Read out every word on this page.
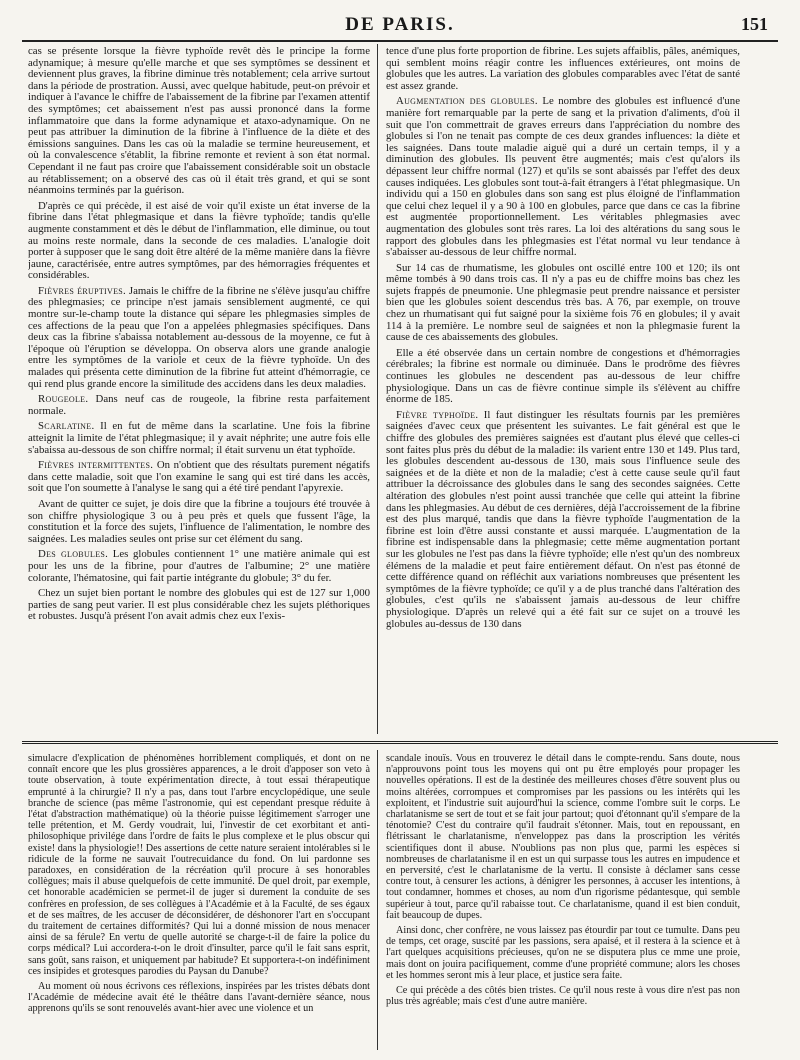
DE PARIS.	151

cas se présente lorsque la fièvre typhoïde revêt dès le principe la forme adynamique; à mesure qu'elle marche et que ses symptômes se dessinent et deviennent plus graves, la fibrine diminue très notablement; cela arrive surtout dans la période de prostration. Aussi, avec quelque habitude, peut-on prévoir et indiquer à l'avance le chiffre de l'abaissement de la fibrine par l'examen attentif des symptômes; cet abaissement n'est pas aussi prononcé dans la forme inflammatoire que dans la forme adynamique et ataxo-adynamique. On ne peut pas attribuer la diminution de la fibrine à l'influence de la diète et des émissions sanguines. Dans les cas où la maladie se termine heureusement, et où la convalescence s'établit, la fibrine remonte et revient à son état normal. Cependant il ne faut pas croire que l'abaissement considérable soit un obstacle au rétablissement; on a observé des cas où il était très grand, et qui se sont néanmoins terminés par la guérison.

D'après ce qui précède, il est aisé de voir qu'il existe un état inverse de la fibrine dans l'état phlegmasique et dans la fièvre typhoïde; tandis qu'elle augmente constamment et dès le début de l'inflammation, elle diminue, ou tout au moins reste normale, dans la seconde de ces maladies. L'analogie doit porter à supposer que le sang doit être altéré de la même manière dans la fièvre jaune, caractérisée, entre autres symptômes, par des hémorragies fréquentes et considérables.

Fièvres éruptives. Jamais le chiffre de la fibrine ne s'élève jusqu'au chiffre des phlegmasies; ce principe n'est jamais sensiblement augmenté, ce qui montre sur-le-champ toute la distance qui sépare les phlegmasies simples de ces affections de la peau que l'on a appelées phlegmasies spécifiques. Dans deux cas la fibrine s'abaissa notablement au-dessous de la moyenne, ce fut à l'époque où l'éruption se développa. On observa alors une grande analogie entre les symptômes de la variole et ceux de la fièvre typhoïde. Un des malades qui présenta cette diminution de la fibrine fut atteint d'hémorragie, ce qui rend plus grande encore la similitude des accidens dans les deux maladies.

Rougeole. Dans neuf cas de rougeole, la fibrine resta parfaitement normale.

Scarlatine. Il en fut de même dans la scarlatine. Une fois la fibrine atteignit la limite de l'état phlegmasique; il y avait néphrite; une autre fois elle s'abaissa au-dessous de son chiffre normal; il était survenu un état typhoïde.

Fièvres intermittentes. On n'obtient que des résultats purement négatifs dans cette maladie, soit que l'on examine le sang qui est tiré dans les accès, soit que l'on soumette à l'analyse le sang qui a été tiré pendant l'apyrexie.

Avant de quitter ce sujet, je dois dire que la fibrine a toujours été trouvée à son chiffre physiologique 3 ou à peu près et quels que fussent l'âge, la constitution et la force des sujets, l'influence de l'alimentation, le nombre des saignées. Les maladies seules ont prise sur cet élément du sang.

Des globules. Les globules contiennent 1° une matière animale qui est pour les uns de la fibrine, pour d'autres de l'albumine; 2° une matière colorante, l'hématosine, qui fait partie intégrante du globule; 3° du fer.

Chez un sujet bien portant le nombre des globules qui est de 127 sur 1,000 parties de sang peut varier. Il est plus considérable chez les sujets pléthoriques et robustes. Jusqu'à présent l'on avait admis chez eux l'exis-

tence d'une plus forte proportion de fibrine. Les sujets affaiblis, pâles, anémiques, qui semblent moins réagir contre les influences extérieures, ont moins de globules que les autres. La variation des globules comparables avec l'état de santé est assez grande.

Augmentation des globules. Le nombre des globules est influencé d'une manière fort remarquable par la perte de sang et la privation d'aliments, d'où il suit que l'on commettrait de graves erreurs dans l'appréciation du nombre des globules si l'on ne tenait pas compte de ces deux grandes influences: la diète et les saignées. Dans toute maladie aiguë qui a duré un certain temps, il y a diminution des globules. Ils peuvent être augmentés; mais c'est qu'alors ils dépassent leur chiffre normal (127) et qu'ils se sont abaissés par l'effet des deux causes indiquées. Les globules sont tout-à-fait étrangers à l'état phlegmasique. Un individu qui a 150 en globules dans son sang est plus éloigné de l'inflammation que celui chez lequel il y a 90 à 100 en globules, parce que dans ce cas la fibrine est augmentée proportionnellement. Les véritables phlegmasies avec augmentation des globules sont très rares. La loi des altérations du sang sous le rapport des globules dans les phlegmasies est l'état normal vu leur tendance à s'abaisser au-dessous de leur chiffre normal.

Sur 14 cas de rhumatisme, les globules ont oscillé entre 100 et 120; ils ont même tombés à 90 dans trois cas. Il n'y a pas eu de chiffre moins bas chez les sujets frappés de pneumonie. Une phlegmasie peut prendre naissance et persister bien que les globules soient descendus très bas. A 76, par exemple, on trouve chez un rhumatisant qui fut saigné pour la sixième fois 76 en globules; il y avait 114 à la première. Le nombre seul de saignées et non la phlegmasie furent la cause de ces abaissements des globules.

Elle a été observée dans un certain nombre de congestions et d'hémorragies cérébrales; la fibrine est normale ou diminuée. Dans le prodrôme des fièvres continues les globules ne descendent pas au-dessous de leur chiffre physiologique. Dans un cas de fièvre continue simple ils s'élèvent au chiffre énorme de 185.

Fièvre typhoïde. Il faut distinguer les résultats fournis par les premières saignées d'avec ceux que présentent les suivantes. Le fait général est que le chiffre des globules des premières saignées est d'autant plus élevé que celles-ci sont faites plus près du début de la maladie: ils varient entre 130 et 149. Plus tard, les globules descendent au-dessous de 130, mais sous l'influence seule des saignées et de la diète et non de la maladie; c'est à cette cause seule qu'il faut attribuer la décroissance des globules dans le sang des secondes saignées. Cette altération des globules n'est point aussi tranchée que celle qui atteint la fibrine dans les phlegmasies. Au début de ces dernières, déjà l'accroissement de la fibrine est des plus marqué, tandis que dans la fièvre typhoïde l'augmentation de la fibrine est loin d'être aussi constante et aussi marquée. L'augmentation de la fibrine est indispensable dans la phlegmasie; cette même augmentation portant sur les globules ne l'est pas dans la fièvre typhoïde; elle n'est qu'un des nombreux élémens de la maladie et peut faire entièrement défaut. On n'est pas étonné de cette différence quand on réfléchit aux variations nombreuses que présentent les symptômes de la fièvre typhoïde; ce qu'il y a de plus tranché dans l'altération des globules, c'est qu'ils ne s'abaissent jamais au-dessous de leur chiffre physiologique. D'après un relevé qui a été fait sur ce sujet on a trouvé les globules au-dessus de 130 dans

simulacre d'explication de phénomènes horriblement compliqués, et dont on ne connaît encore que les plus grossières apparences, a le droit d'apposer son veto à toute observation, à toute expérimentation directe, à tout essai thérapeutique emprunté à la chirurgie? Il n'y a pas, dans tout l'arbre encyclopédique, une seule branche de science (pas même l'astronomie, qui est cependant presque réduite à l'état d'abstraction mathématique) où la théorie puisse légitimement s'arroger une telle prétention, et M. Gerdy voudrait, lui, l'investir de cet exorbitant et anti-philosophique privilége dans l'ordre de faits le plus complexe et le plus obscur qui existe! dans la physiologie!! Des assertions de cette nature seraient intolérables si le ridicule de la forme ne sauvait l'outrecuidance du fond. On lui pardonne ses paradoxes, en considération de la récréation qu'il procure à ses honorables collègues; mais il abuse quelquefois de cette immunité. De quel droit, par exemple, cet honorable académicien se permet-il de juger si durement la conduite de ses confrères en profession, de ses collègues à l'Académie et à la Faculté, de ses égaux et de ses maîtres, de les accuser de déconsidérer, de déshonorer l'art en s'occupant du traitement de certaines difformités? Qui lui a donné mission de nous menacer ainsi de sa férule? En vertu de quelle autorité se charge-t-il de faire la police du corps médical? Lui accordera-t-on le droit d'insulter, parce qu'il le fait sans esprit, sans goût, sans raison, et uniquement par habitude? Et supportera-t-on indéfiniment ces insipides et grotesques parodies du Paysan du Danube?

Au moment où nous écrivons ces réflexions, inspirées par les tristes débats dont l'Académie de médecine avait été le théâtre dans l'avant-dernière séance, nous apprenons qu'ils se sont renouvelés avant-hier avec une violence et un

scandale inouïs. Vous en trouverez le détail dans le compte-rendu. Sans doute, nous n'approuvons point tous les moyens qui ont pu être employés pour propager les nouvelles opérations. Il est de la destinée des meilleures choses d'être souvent plus ou moins altérées, corrompues et compromises par les passions ou les intérêts qui les exploitent, et l'industrie suit aujourd'hui la science, comme l'ombre suit le corps. Le charlatanisme se sert de tout et se fait jour partout; quoi d'étonnant qu'il s'empare de la ténotomie? C'est du contraire qu'il faudrait s'étonner. Mais, tout en repoussant, en flétrissant le charlatanisme, n'enveloppez pas dans la proscription les vérités scientifiques dont il abuse. N'oublions pas non plus que, parmi les espèces si nombreuses de charlatanisme il en est un qui surpasse tous les autres en impudence et en perversité, c'est le charlatanisme de la vertu. Il consiste à déclamer sans cesse contre tout, à censurer les actions, à dénigrer les personnes, à accuser les intentions, à tout condamner, hommes et choses, au nom d'un rigorisme pédantesque, qui semble supérieur à tout, parce qu'il rabaisse tout. Ce charlatanisme, quand il est bien conduit, fait beaucoup de dupes.

Ainsi donc, cher confrère, ne vous laissez pas étourdir par tout ce tumulte. Dans peu de temps, cet orage, suscité par les passions, sera apaisé, et il restera à la science et à l'art quelques acquisitions précieuses, qu'on ne se disputera plus ce mme une proie, mais dont on jouira pacifiquement, comme d'une propriété commune; alors les choses et les hommes seront mis à leur place, et justice sera faite.

Ce qui précède a des côtés bien tristes. Ce qu'il nous reste à vous dire n'est pas non plus très agréable; mais c'est d'une autre manière.
